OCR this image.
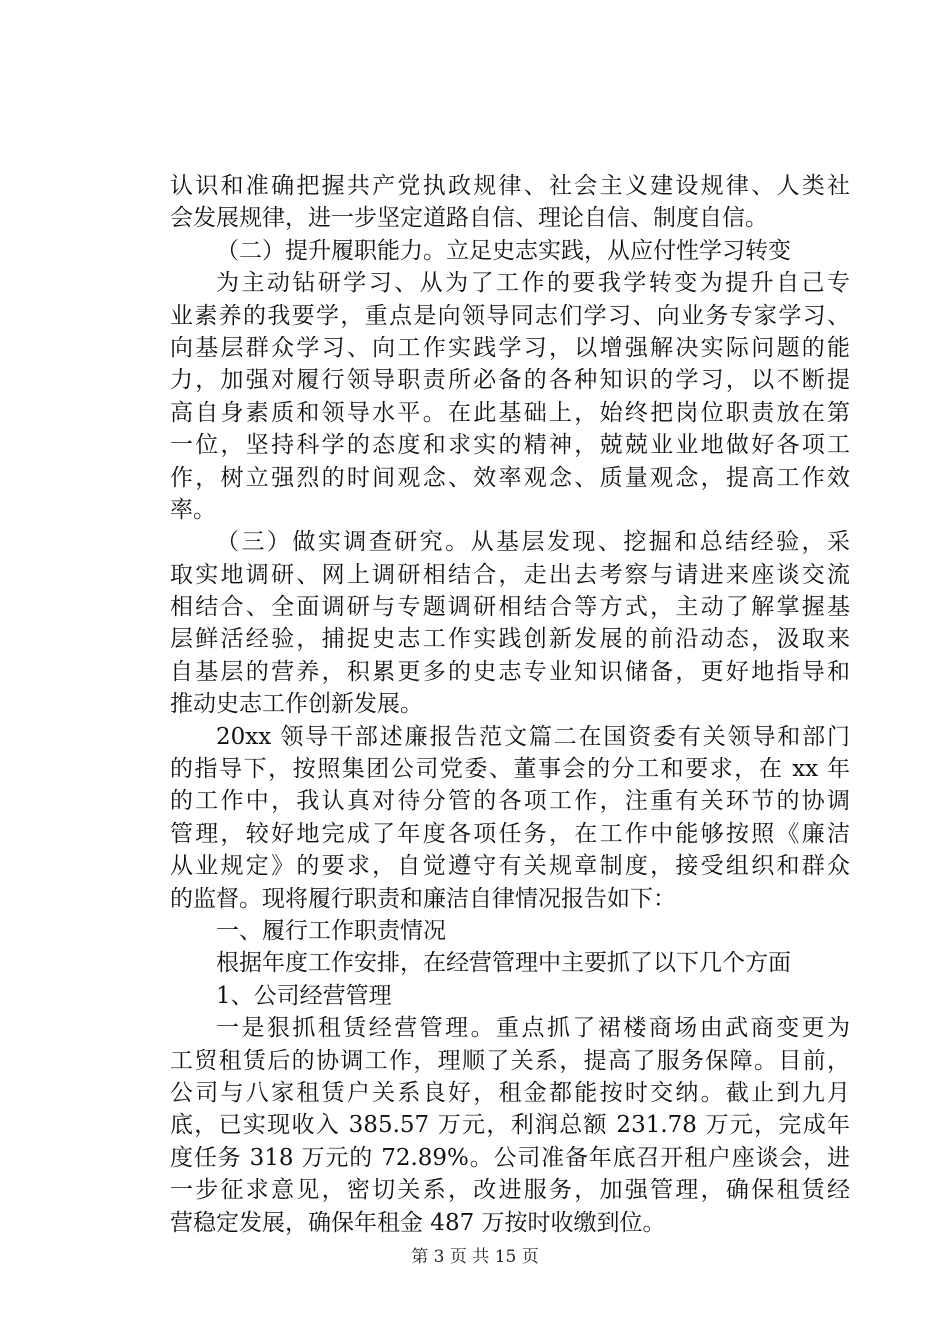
认识和准确把握共产党执政规律、社会主义建设规律、人类社
会发展规律，进一步坚定道路自信、理论自信、制度自信。
（二）提升履职能力。立足史志实践，从应付性学习转变
为主动钻研学习、从为了工作的要我学转变为提升自己专
业素养的我要学，重点是向领导同志们学习、向业务专家学习、
向基层群众学习、向工作实践学习，以增强解决实际问题的能
力，加强对履行领导职责所必备的各种知识的学习，以不断提
高自身素质和领导水平。在此基础上，始终把岗位职责放在第
一位，坚持科学的态度和求实的精神，兢兢业业地做好各项工
作，树立强烈的时间观念、效率观念、质量观念，提高工作效
率。
（三）做实调查研究。从基层发现、挖掘和总结经验，采
取实地调研、网上调研相结合，走出去考察与请进来座谈交流
相结合、全面调研与专题调研相结合等方式，主动了解掌握基
层鲜活经验，捕捉史志工作实践创新发展的前沿动态，汲取来
自基层的营养，积累更多的史志专业知识储备，更好地指导和
推动史志工作创新发展。
20xx 领导干部述廉报告范文篇二在国资委有关领导和部门
的指导下，按照集团公司党委、董事会的分工和要求，在 xx 年
的工作中，我认真对待分管的各项工作，注重有关环节的协调
管理，较好地完成了年度各项任务，在工作中能够按照《廉洁
从业规定》的要求，自觉遵守有关规章制度，接受组织和群众
的监督。现将履行职责和廉洁自律情况报告如下：
一、履行工作职责情况
根据年度工作安排，在经营管理中主要抓了以下几个方面
1、公司经营管理
一是狠抓租赁经营管理。重点抓了裙楼商场由武商变更为
工贸租赁后的协调工作，理顺了关系，提高了服务保障。目前，
公司与八家租赁户关系良好，租金都能按时交纳。截止到九月
底，已实现收入 385.57 万元，利润总额 231.78 万元，完成年
度任务 318 万元的 72.89%。公司准备年底召开租户座谈会，进
一步征求意见，密切关系，改进服务，加强管理，确保租赁经
营稳定发展，确保年租金 487 万按时收缴到位。
第 3 页 共 15 页
